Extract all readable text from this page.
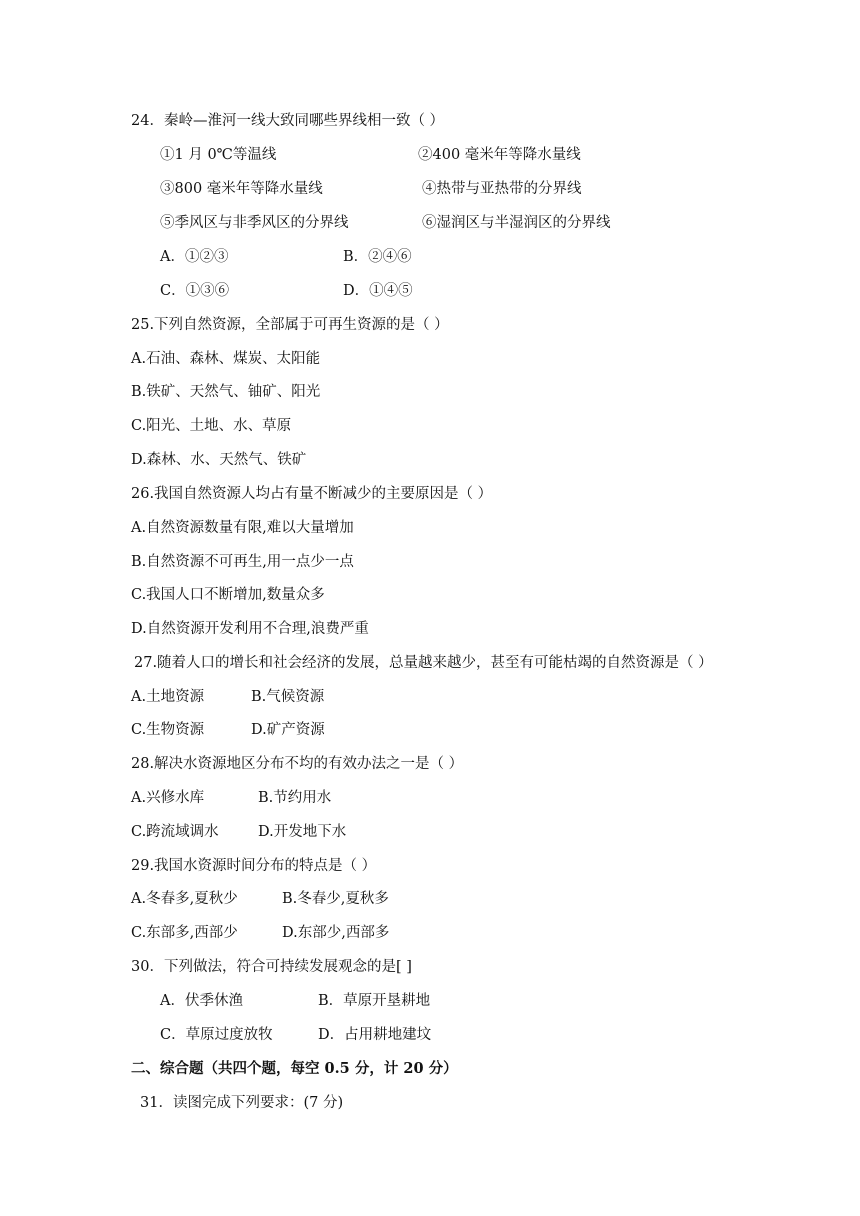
24．秦岭—淮河一线大致同哪些界线相一致（ ）
①1 月 0℃等温线	②400 毫米年等降水量线
③800 毫米年等降水量线	④热带与亚热带的分界线
⑤季风区与非季风区的分界线	⑥湿润区与半湿润区的分界线
A．①②③	B．②④⑥
C．①③⑥	D．①④⑤
25.下列自然资源，全部属于可再生资源的是（ ）
A.石油、森林、煤炭、太阳能
B.铁矿、天然气、铀矿、阳光
C.阳光、土地、水、草原
D.森林、水、天然气、铁矿
26.我国自然资源人均占有量不断减少的主要原因是（ ）
A.自然资源数量有限,难以大量增加
B.自然资源不可再生,用一点少一点
C.我国人口不断增加,数量众多
D.自然资源开发利用不合理,浪费严重
27.随着人口的增长和社会经济的发展，总量越来越少，甚至有可能枯竭的自然资源是（ ）
A.土地资源	B.气候资源
C.生物资源	D.矿产资源
28.解决水资源地区分布不均的有效办法之一是（ ）
A.兴修水库	B.节约用水
C.跨流域调水	D.开发地下水
29.我国水资源时间分布的特点是（ ）
A.冬春多,夏秋少	B.冬春少,夏秋多
C.东部多,西部少	D.东部少,西部多
30．下列做法，符合可持续发展观念的是[ ]
A．伏季休渔	B．草原开垦耕地
C．草原过度放牧	D．占用耕地建坟
二、综合题（共四个题，每空 0.5 分，计 20 分）
31．读图完成下列要求：(7 分)
